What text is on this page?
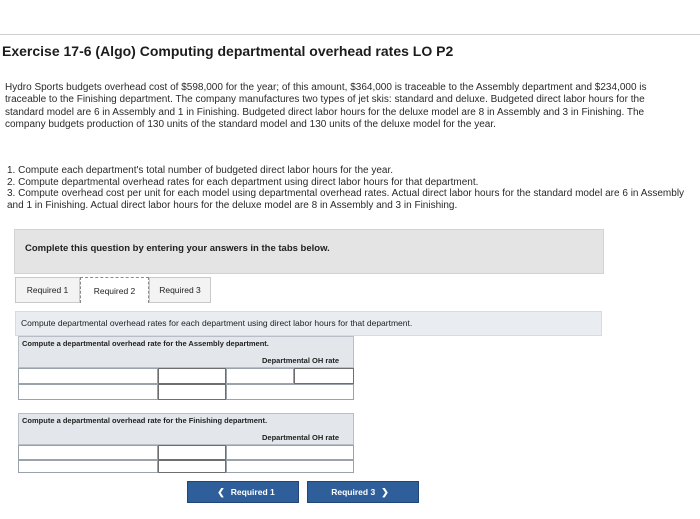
Exercise 17-6 (Algo) Computing departmental overhead rates LO P2
Hydro Sports budgets overhead cost of $598,000 for the year; of this amount, $364,000 is traceable to the Assembly department and $234,000 is traceable to the Finishing department. The company manufactures two types of jet skis: standard and deluxe. Budgeted direct labor hours for the standard model are 6 in Assembly and 1 in Finishing. Budgeted direct labor hours for the deluxe model are 8 in Assembly and 3 in Finishing. The company budgets production of 130 units of the standard model and 130 units of the deluxe model for the year.
1. Compute each department's total number of budgeted direct labor hours for the year.
2. Compute departmental overhead rates for each department using direct labor hours for that department.
3. Compute overhead cost per unit for each model using departmental overhead rates. Actual direct labor hours for the standard model are 6 in Assembly and 1 in Finishing. Actual direct labor hours for the deluxe model are 8 in Assembly and 3 in Finishing.
Complete this question by entering your answers in the tabs below.
Required 1	Required 2	Required 3
Compute departmental overhead rates for each department using direct labor hours for that department.
Compute a departmental overhead rate for the Assembly department.
Departmental OH rate
Compute a departmental overhead rate for the Finishing department.
Departmental OH rate
❮ Required 1	Required 3 ❯
